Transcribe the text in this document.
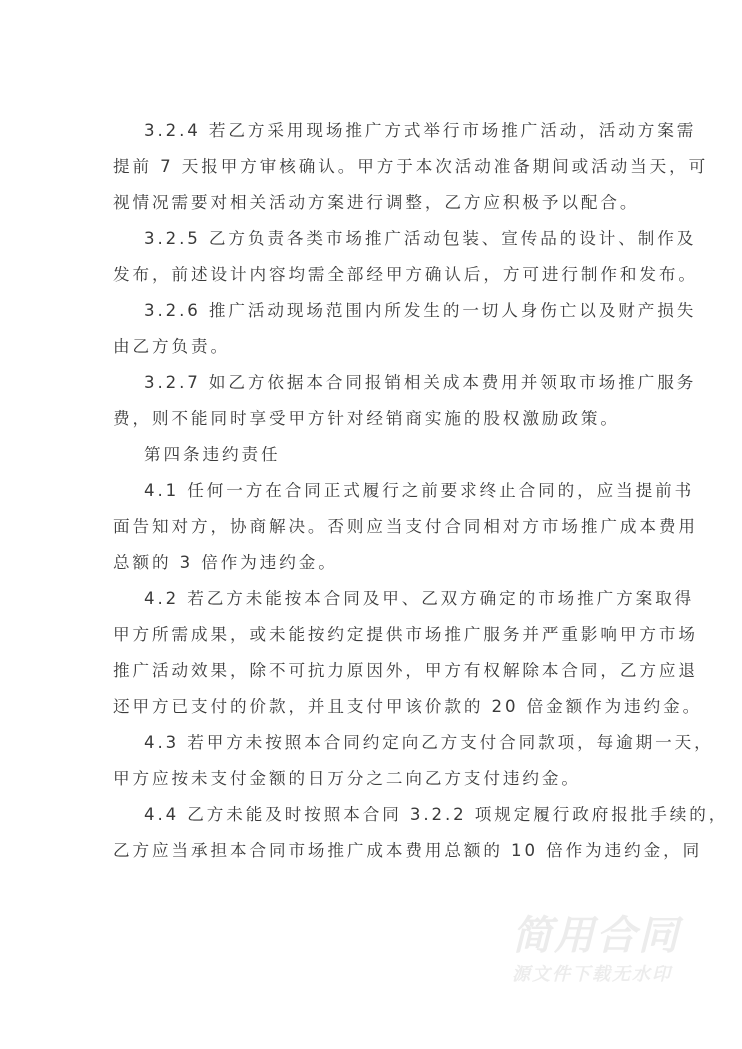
3.2.4 若乙方采用现场推广方式举行市场推广活动，活动方案需
提前 7 天报甲方审核确认。甲方于本次活动准备期间或活动当天，可
视情况需要对相关活动方案进行调整，乙方应积极予以配合。
3.2.5 乙方负责各类市场推广活动包装、宣传品的设计、制作及
发布，前述设计内容均需全部经甲方确认后，方可进行制作和发布。
3.2.6 推广活动现场范围内所发生的一切人身伤亡以及财产损失
由乙方负责。
3.2.7 如乙方依据本合同报销相关成本费用并领取市场推广服务
费，则不能同时享受甲方针对经销商实施的股权激励政策。
第四条违约责任
4.1 任何一方在合同正式履行之前要求终止合同的，应当提前书
面告知对方，协商解决。否则应当支付合同相对方市场推广成本费用
总额的 3 倍作为违约金。
4.2 若乙方未能按本合同及甲、乙双方确定的市场推广方案取得
甲方所需成果，或未能按约定提供市场推广服务并严重影响甲方市场
推广活动效果，除不可抗力原因外，甲方有权解除本合同，乙方应退
还甲方已支付的价款，并且支付甲该价款的 20 倍金额作为违约金。
4.3 若甲方未按照本合同约定向乙方支付合同款项，每逾期一天，
甲方应按未支付金额的日万分之二向乙方支付违约金。
4.4 乙方未能及时按照本合同 3.2.2 项规定履行政府报批手续的，
乙方应当承担本合同市场推广成本费用总额的 10 倍作为违约金，同
简用合同
源文件下载无水印
